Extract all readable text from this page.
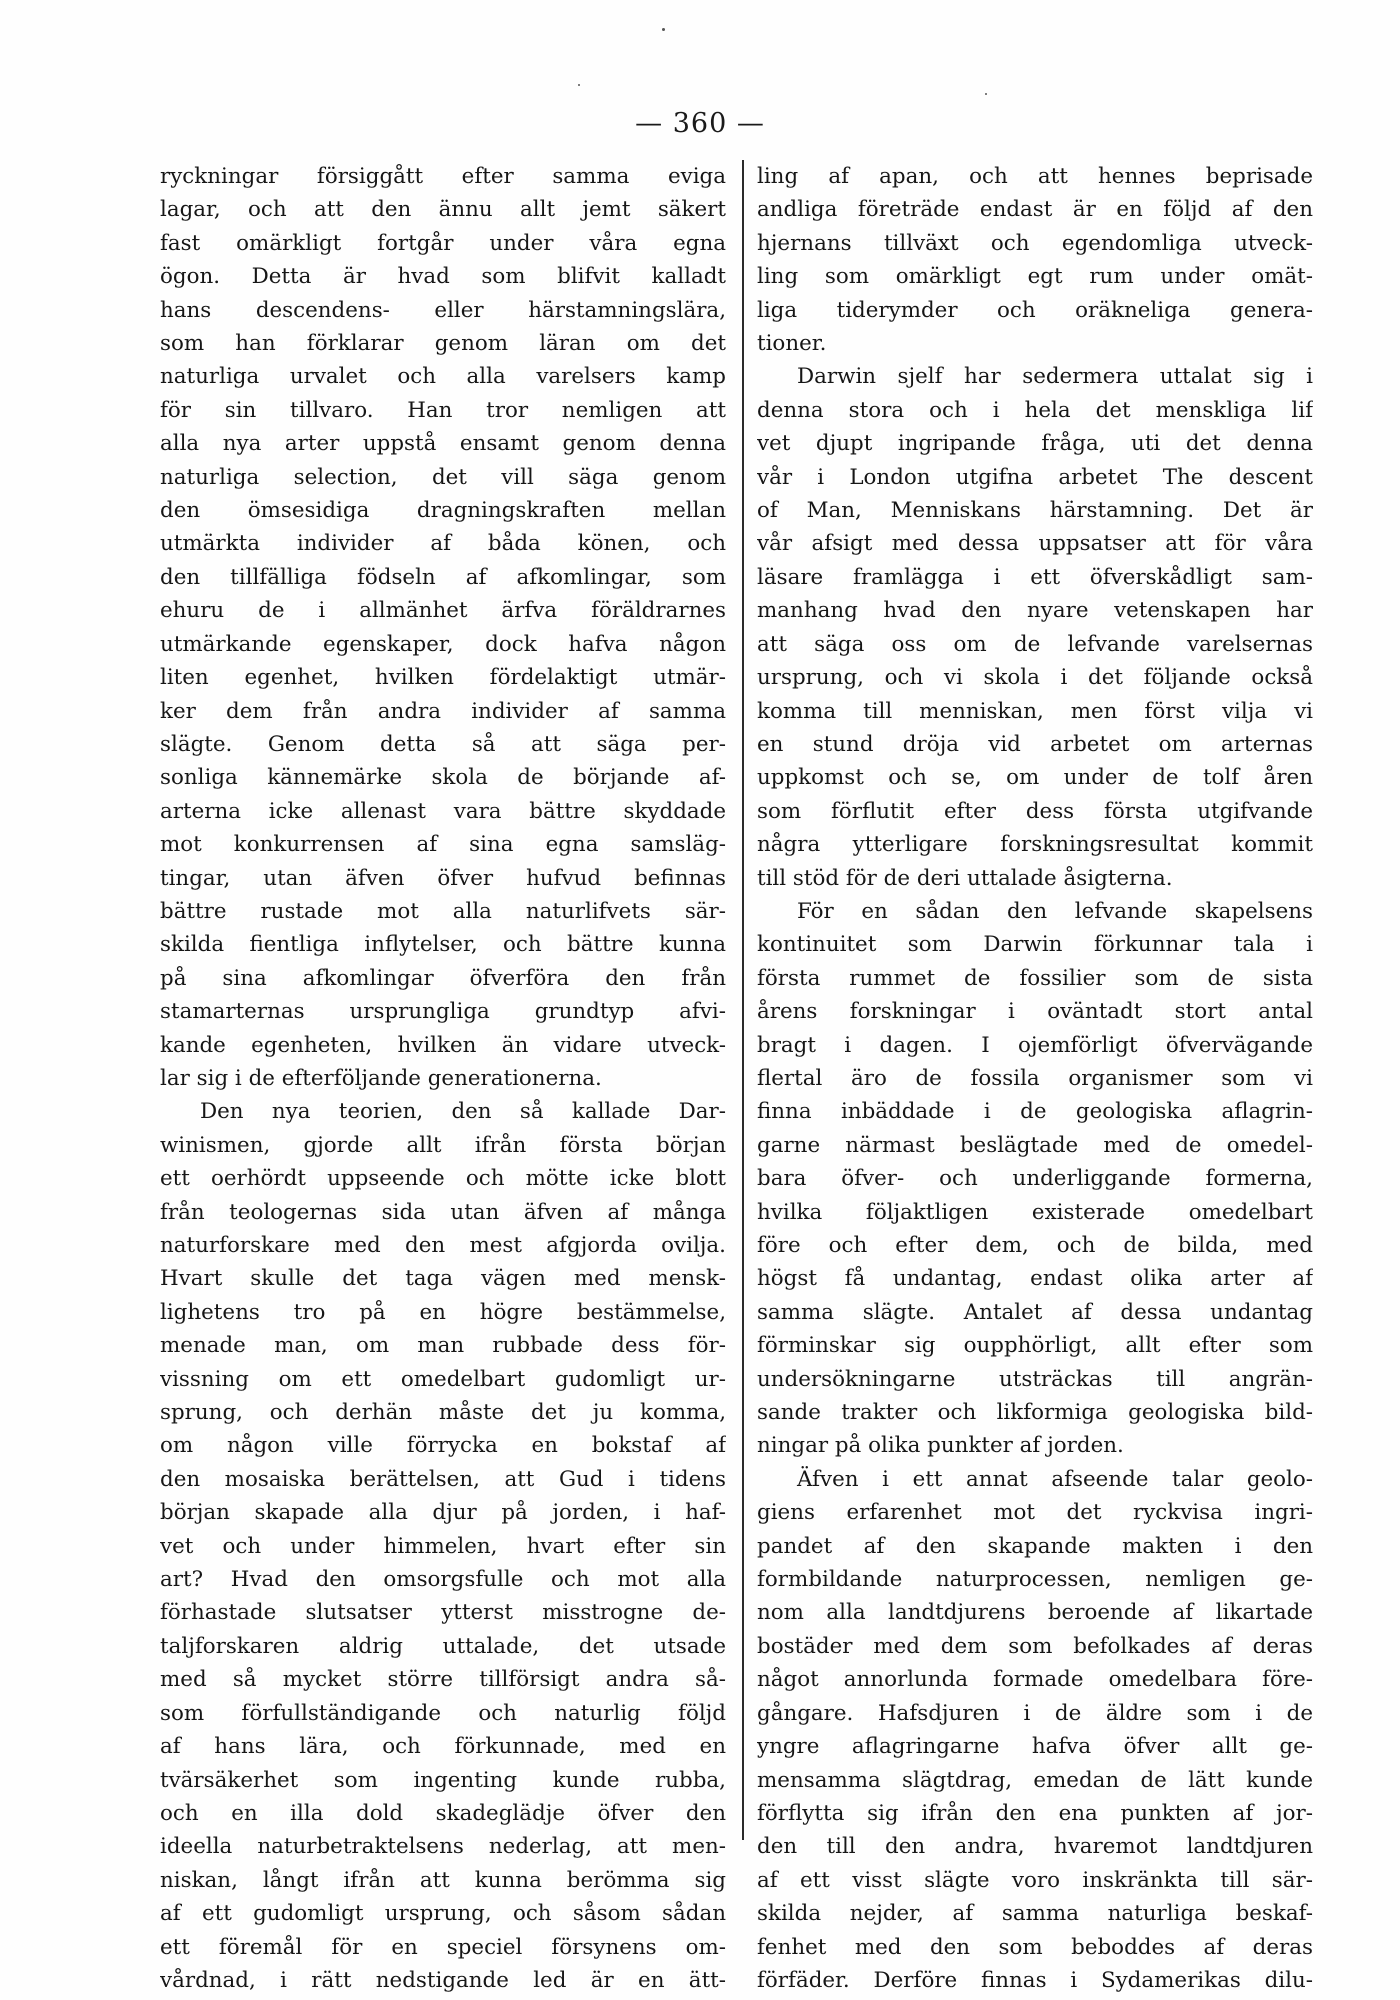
— 360 —
ryckningar försiggått efter samma eviga
lagar, och att den ännu allt jemt säkert
fast omärkligt fortgår under våra egna
ögon. Detta är hvad som blifvit kalladt
hans descendens- eller härstamningslära,
som han förklarar genom läran om det
naturliga urvalet och alla varelsers kamp
för sin tillvaro. Han tror nemligen att
alla nya arter uppstå ensamt genom denna
naturliga selection, det vill säga genom
den ömsesidiga dragningskraften mellan
utmärkta individer af båda könen, och
den tillfälliga födseln af afkomlingar, som
ehuru de i allmänhet ärfva föräldrarnes
utmärkande egenskaper, dock hafva någon
liten egenhet, hvilken fördelaktigt utmär-
ker dem från andra individer af samma
slägte. Genom detta så att säga per-
sonliga kännemärke skola de börjande af-
arterna icke allenast vara bättre skyddade
mot konkurrensen af sina egna samsläg-
tingar, utan äfven öfver hufvud befinnas
bättre rustade mot alla naturlifvets sär-
skilda fientliga inflytelser, och bättre kunna
på sina afkomlingar öfverföra den från
stamarternas ursprungliga grundtyp afvi-
kande egenheten, hvilken än vidare utveck-
lar sig i de efterföljande generationerna.
Den nya teorien, den så kallade Dar-
winismen, gjorde allt ifrån första början
ett oerhördt uppseende och mötte icke blott
från teologernas sida utan äfven af många
naturforskare med den mest afgjorda ovilja.
Hvart skulle det taga vägen med mensk-
lighetens tro på en högre bestämmelse,
menade man, om man rubbade dess för-
vissning om ett omedelbart gudomligt ur-
sprung, och derhän måste det ju komma,
om någon ville förrycka en bokstaf af
den mosaiska berättelsen, att Gud i tidens
början skapade alla djur på jorden, i haf-
vet och under himmelen, hvart efter sin
art? Hvad den omsorgsfulle och mot alla
förhastade slutsatser ytterst misstrogne de-
taljforskaren aldrig uttalade, det utsade
med så mycket större tillförsigt andra så-
som förfullständigande och naturlig följd
af hans lära, och förkunnade, med en
tvärsäkerhet som ingenting kunde rubba,
och en illa dold skadeglädje öfver den
ideella naturbetraktelsens nederlag, att men-
niskan, långt ifrån att kunna berömma sig
af ett gudomligt ursprung, och såsom sådan
ett föremål för en speciel försynens om-
vårdnad, i rätt nedstigande led är en ätt-
ling af apan, och att hennes beprisade
andliga företräde endast är en följd af den
hjernans tillväxt och egendomliga utveck-
ling som omärkligt egt rum under omät-
liga tiderymder och oräkneliga genera-
tioner.
Darwin sjelf har sedermera uttalat sig i
denna stora och i hela det menskliga lif
vet djupt ingripande fråga, uti det denna
vår i London utgifna arbetet The descent
of Man, Menniskans härstamning. Det är
vår afsigt med dessa uppsatser att för våra
läsare framlägga i ett öfverskådligt sam-
manhang hvad den nyare vetenskapen har
att säga oss om de lefvande varelsernas
ursprung, och vi skola i det följande också
komma till menniskan, men först vilja vi
en stund dröja vid arbetet om arternas
uppkomst och se, om under de tolf åren
som förflutit efter dess första utgifvande
några ytterligare forskningsresultat kommit
till stöd för de deri uttalade åsigterna.
För en sådan den lefvande skapelsens
kontinuitet som Darwin förkunnar tala i
första rummet de fossilier som de sista
årens forskningar i oväntadt stort antal
bragt i dagen. I ojemförligt öfvervägande
flertal äro de fossila organismer som vi
finna inbäddade i de geologiska aflagrin-
garne närmast beslägtade med de omedel-
bara öfver- och underliggande formerna,
hvilka följaktligen existerade omedelbart
före och efter dem, och de bilda, med
högst få undantag, endast olika arter af
samma slägte. Antalet af dessa undantag
förminskar sig oupphörligt, allt efter som
undersökningarne utsträckas till angrän-
sande trakter och likformiga geologiska bild-
ningar på olika punkter af jorden.
Äfven i ett annat afseende talar geolo-
giens erfarenhet mot det ryckvisa ingri-
pandet af den skapande makten i den
formbildande naturprocessen, nemligen ge-
nom alla landtdjurens beroende af likartade
bostäder med dem som befolkades af deras
något annorlunda formade omedelbara före-
gångare. Hafsdjuren i de äldre som i de
yngre aflagringarne hafva öfver allt ge-
mensamma slägtdrag, emedan de lätt kunde
förflytta sig ifrån den ena punkten af jor-
den till den andra, hvaremot landtdjuren
af ett visst slägte voro inskränkta till sär-
skilda nejder, af samma naturliga beskaf-
fenhet med den som beboddes af deras
förfäder. Derföre finnas i Sydamerikas dilu-
